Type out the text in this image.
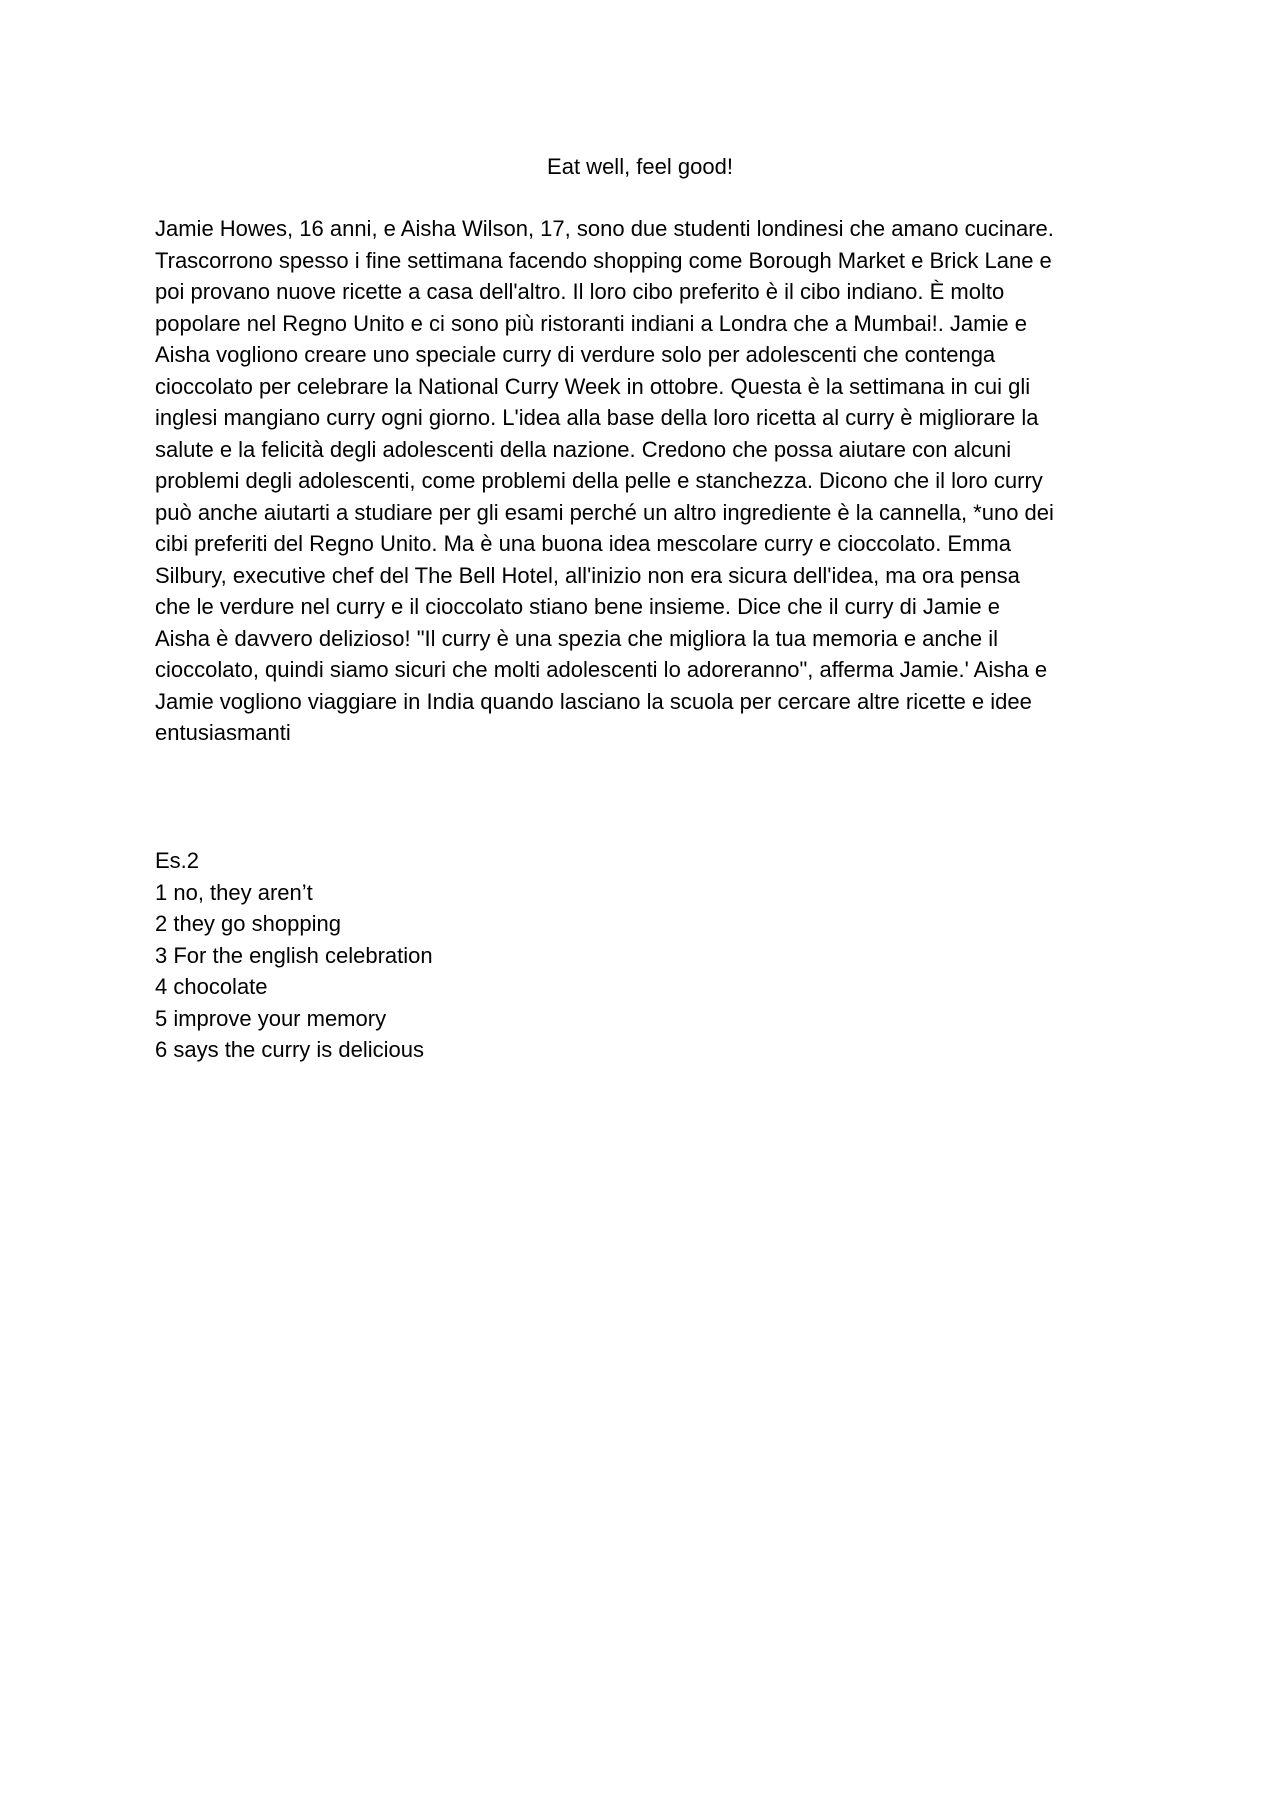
Eat well, feel good!

Jamie Howes, 16 anni, e Aisha Wilson, 17, sono due studenti londinesi che amano cucinare.
Trascorrono spesso i fine settimana facendo shopping come Borough Market e Brick Lane e
poi provano nuove ricette a casa dell'altro. Il loro cibo preferito è il cibo indiano. È molto
popolare nel Regno Unito e ci sono più ristoranti indiani a Londra che a Mumbai!. Jamie e
Aisha vogliono creare uno speciale curry di verdure solo per adolescenti che contenga
cioccolato per celebrare la National Curry Week in ottobre. Questa è la settimana in cui gli
inglesi mangiano curry ogni giorno. L'idea alla base della loro ricetta al curry è migliorare la
salute e la felicità degli adolescenti della nazione. Credono che possa aiutare con alcuni
problemi degli adolescenti, come problemi della pelle e stanchezza. Dicono che il loro curry
può anche aiutarti a studiare per gli esami perché un altro ingrediente è la cannella, *uno dei
cibi preferiti del Regno Unito. Ma è una buona idea mescolare curry e cioccolato. Emma
Silbury, executive chef del The Bell Hotel, all'inizio non era sicura dell'idea, ma ora pensa
che le verdure nel curry e il cioccolato stiano bene insieme. Dice che il curry di Jamie e
Aisha è davvero delizioso! "Il curry è una spezia che migliora la tua memoria e anche il
cioccolato, quindi siamo sicuri che molti adolescenti lo adoreranno", afferma Jamie.' Aisha e
Jamie vogliono viaggiare in India quando lasciano la scuola per cercare altre ricette e idee
entusiasmanti

Es.2

1 no, they aren’t
2 they go shopping
3 For the english celebration
4 chocolate
5 improve your memory
6 says the curry is delicious
